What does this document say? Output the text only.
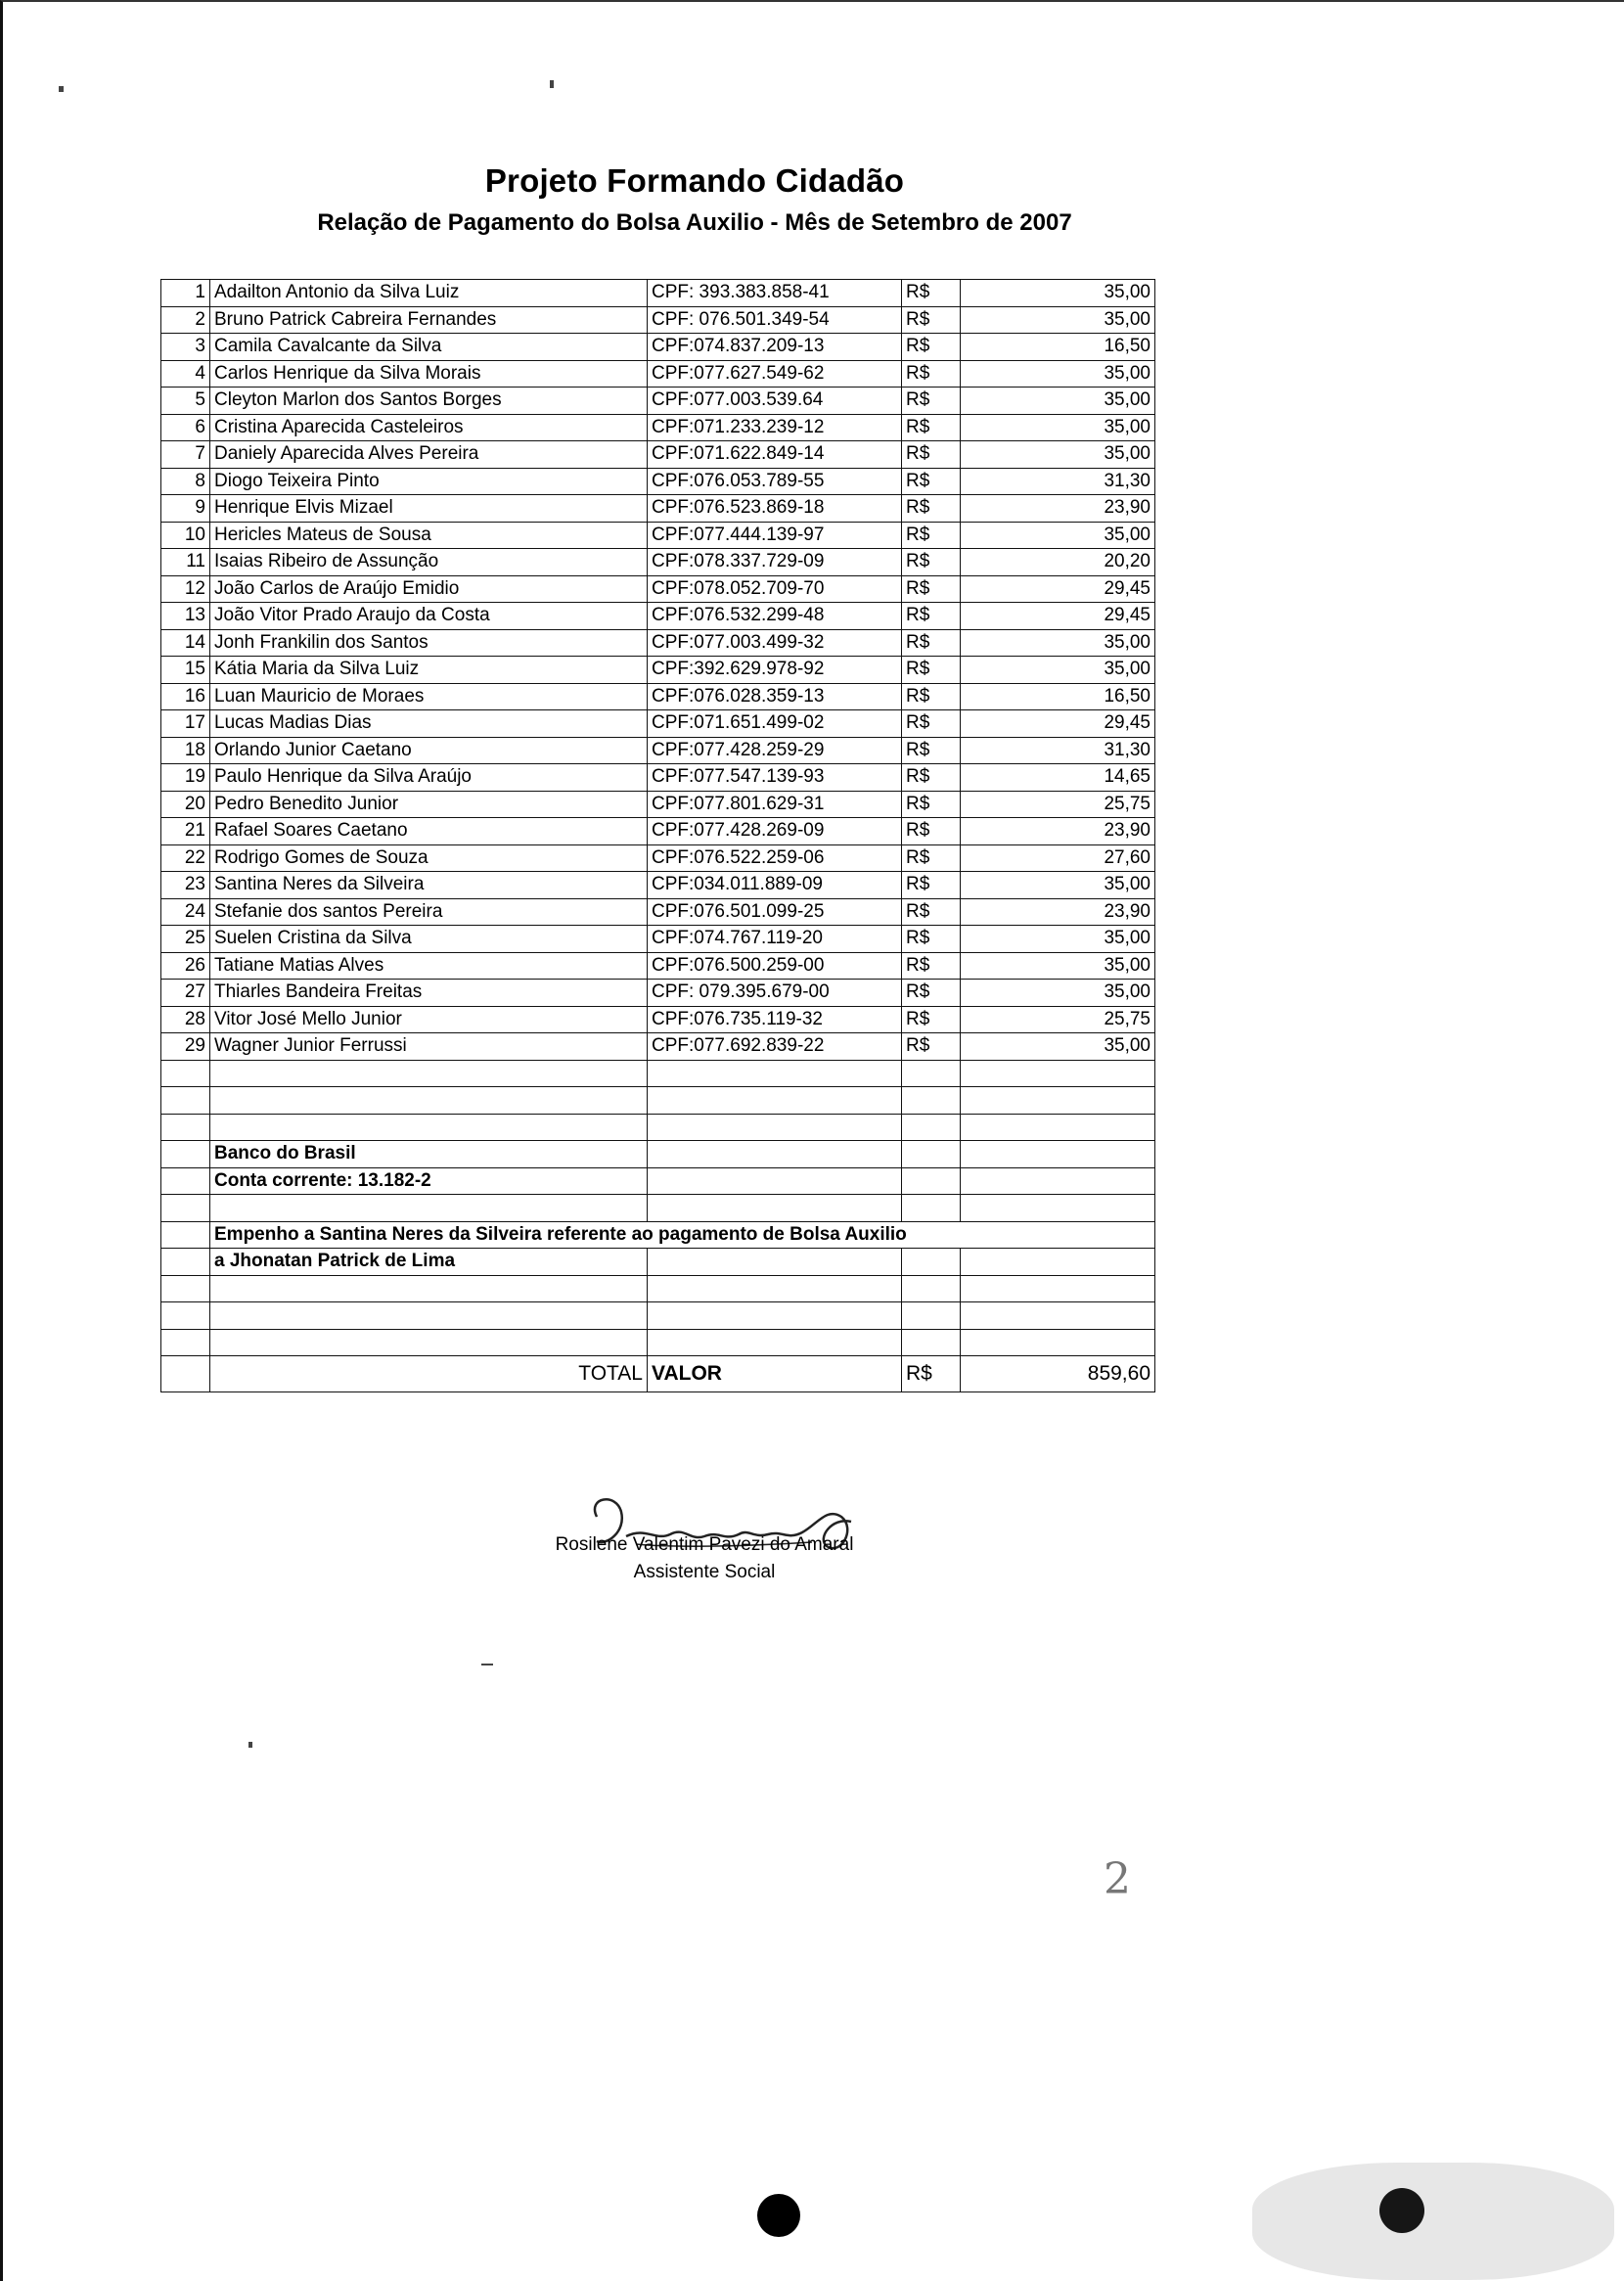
Projeto Formando Cidadão
Relação de Pagamento do Bolsa Auxilio - Mês de Setembro de 2007
1	Adailton Antonio da Silva Luiz	CPF: 393.383.858-41	R$	35,00
2	Bruno Patrick Cabreira Fernandes	CPF: 076.501.349-54	R$	35,00
3	Camila Cavalcante da Silva	CPF:074.837.209-13	R$	16,50
4	Carlos Henrique da Silva Morais	CPF:077.627.549-62	R$	35,00
5	Cleyton Marlon dos Santos Borges	CPF:077.003.539.64	R$	35,00
6	Cristina Aparecida Casteleiros	CPF:071.233.239-12	R$	35,00
7	Daniely Aparecida Alves Pereira	CPF:071.622.849-14	R$	35,00
8	Diogo Teixeira Pinto	CPF:076.053.789-55	R$	31,30
9	Henrique Elvis Mizael	CPF:076.523.869-18	R$	23,90
10	Hericles Mateus de Sousa	CPF:077.444.139-97	R$	35,00
11	Isaias Ribeiro de Assunção	CPF:078.337.729-09	R$	20,20
12	João Carlos de Araújo Emidio	CPF:078.052.709-70	R$	29,45
13	João Vitor Prado Araujo da Costa	CPF:076.532.299-48	R$	29,45
14	Jonh Frankilin dos Santos	CPF:077.003.499-32	R$	35,00
15	Kátia Maria da Silva Luiz	CPF:392.629.978-92	R$	35,00
16	Luan Mauricio de Moraes	CPF:076.028.359-13	R$	16,50
17	Lucas Madias Dias	CPF:071.651.499-02	R$	29,45
18	Orlando Junior Caetano	CPF:077.428.259-29	R$	31,30
19	Paulo Henrique da Silva Araújo	CPF:077.547.139-93	R$	14,65
20	Pedro Benedito Junior	CPF:077.801.629-31	R$	25,75
21	Rafael Soares Caetano	CPF:077.428.269-09	R$	23,90
22	Rodrigo Gomes de Souza	CPF:076.522.259-06	R$	27,60
23	Santina Neres da Silveira	CPF:034.011.889-09	R$	35,00
24	Stefanie dos santos Pereira	CPF:076.501.099-25	R$	23,90
25	Suelen Cristina da Silva	CPF:074.767.119-20	R$	35,00
26	Tatiane Matias Alves	CPF:076.500.259-00	R$	35,00
27	Thiarles Bandeira Freitas	CPF: 079.395.679-00	R$	35,00
28	Vitor José Mello Junior	CPF:076.735.119-32	R$	25,75
29	Wagner Junior Ferrussi	CPF:077.692.839-22	R$	35,00

	Banco do Brasil			
	Conta corrente: 13.182-2			

	Empenho a Santina Neres da Silveira referente ao pagamento de Bolsa Auxilio			
	a Jhonatan Patrick de Lima			

	TOTAL	VALOR	R$	859,60
Rosilene Valentim Pavezi do Amaral
Assistente Social
2
